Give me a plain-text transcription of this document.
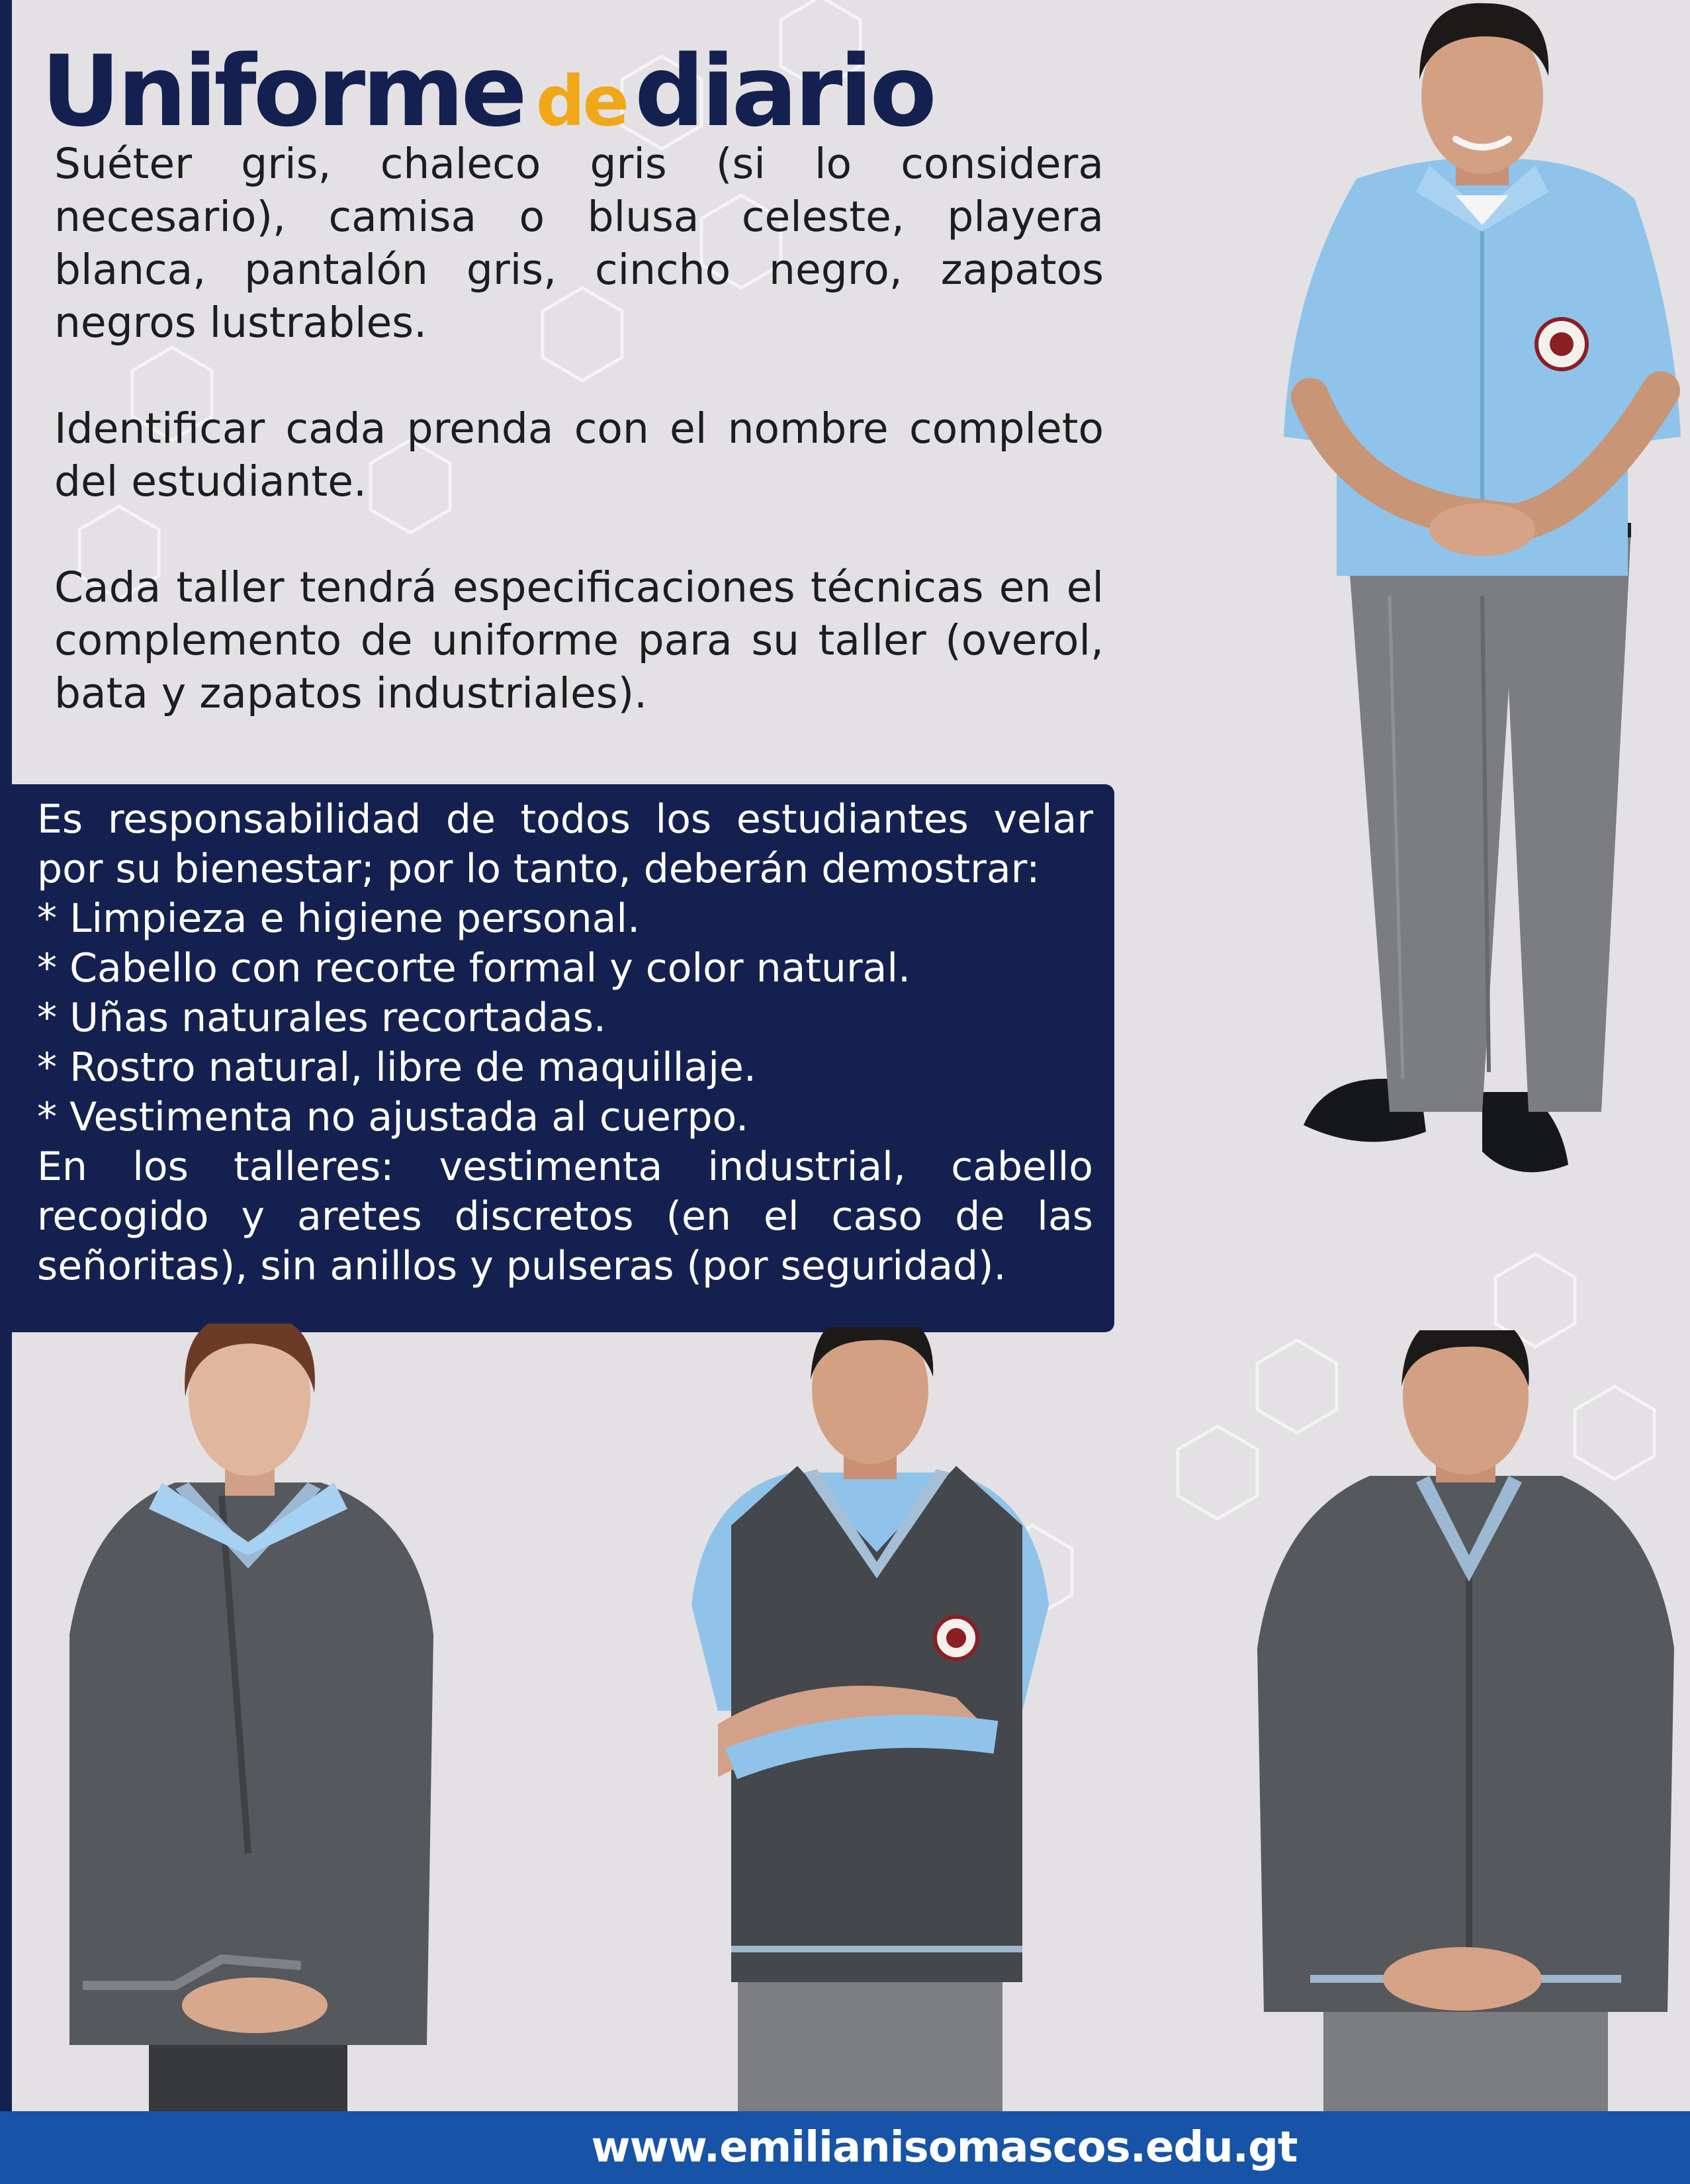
Uniforme dediario

Suéter gris, chaleco gris (si lo considera necesario), camisa o blusa celeste, playera blanca, pantalón gris, cincho negro, zapatos negros lustrables.

Identificar cada prenda con el nombre completo del estudiante.

Cada taller tendrá especificaciones técnicas en el complemento de uniforme para su taller (overol, bata y zapatos industriales).

Es responsabilidad de todos los estudiantes velar por su bienestar; por lo tanto, deberán demostrar:

* Limpieza e higiene personal.

* Cabello con recorte formal y color natural.

* Uñas naturales recortadas.

* Rostro natural, libre de maquillaje.

* Vestimenta no ajustada al cuerpo.

En los talleres: vestimenta industrial, cabello recogido y aretes discretos (en el caso de las señoritas), sin anillos y pulseras (por seguridad).

www.emilianisomascos.edu.gt
